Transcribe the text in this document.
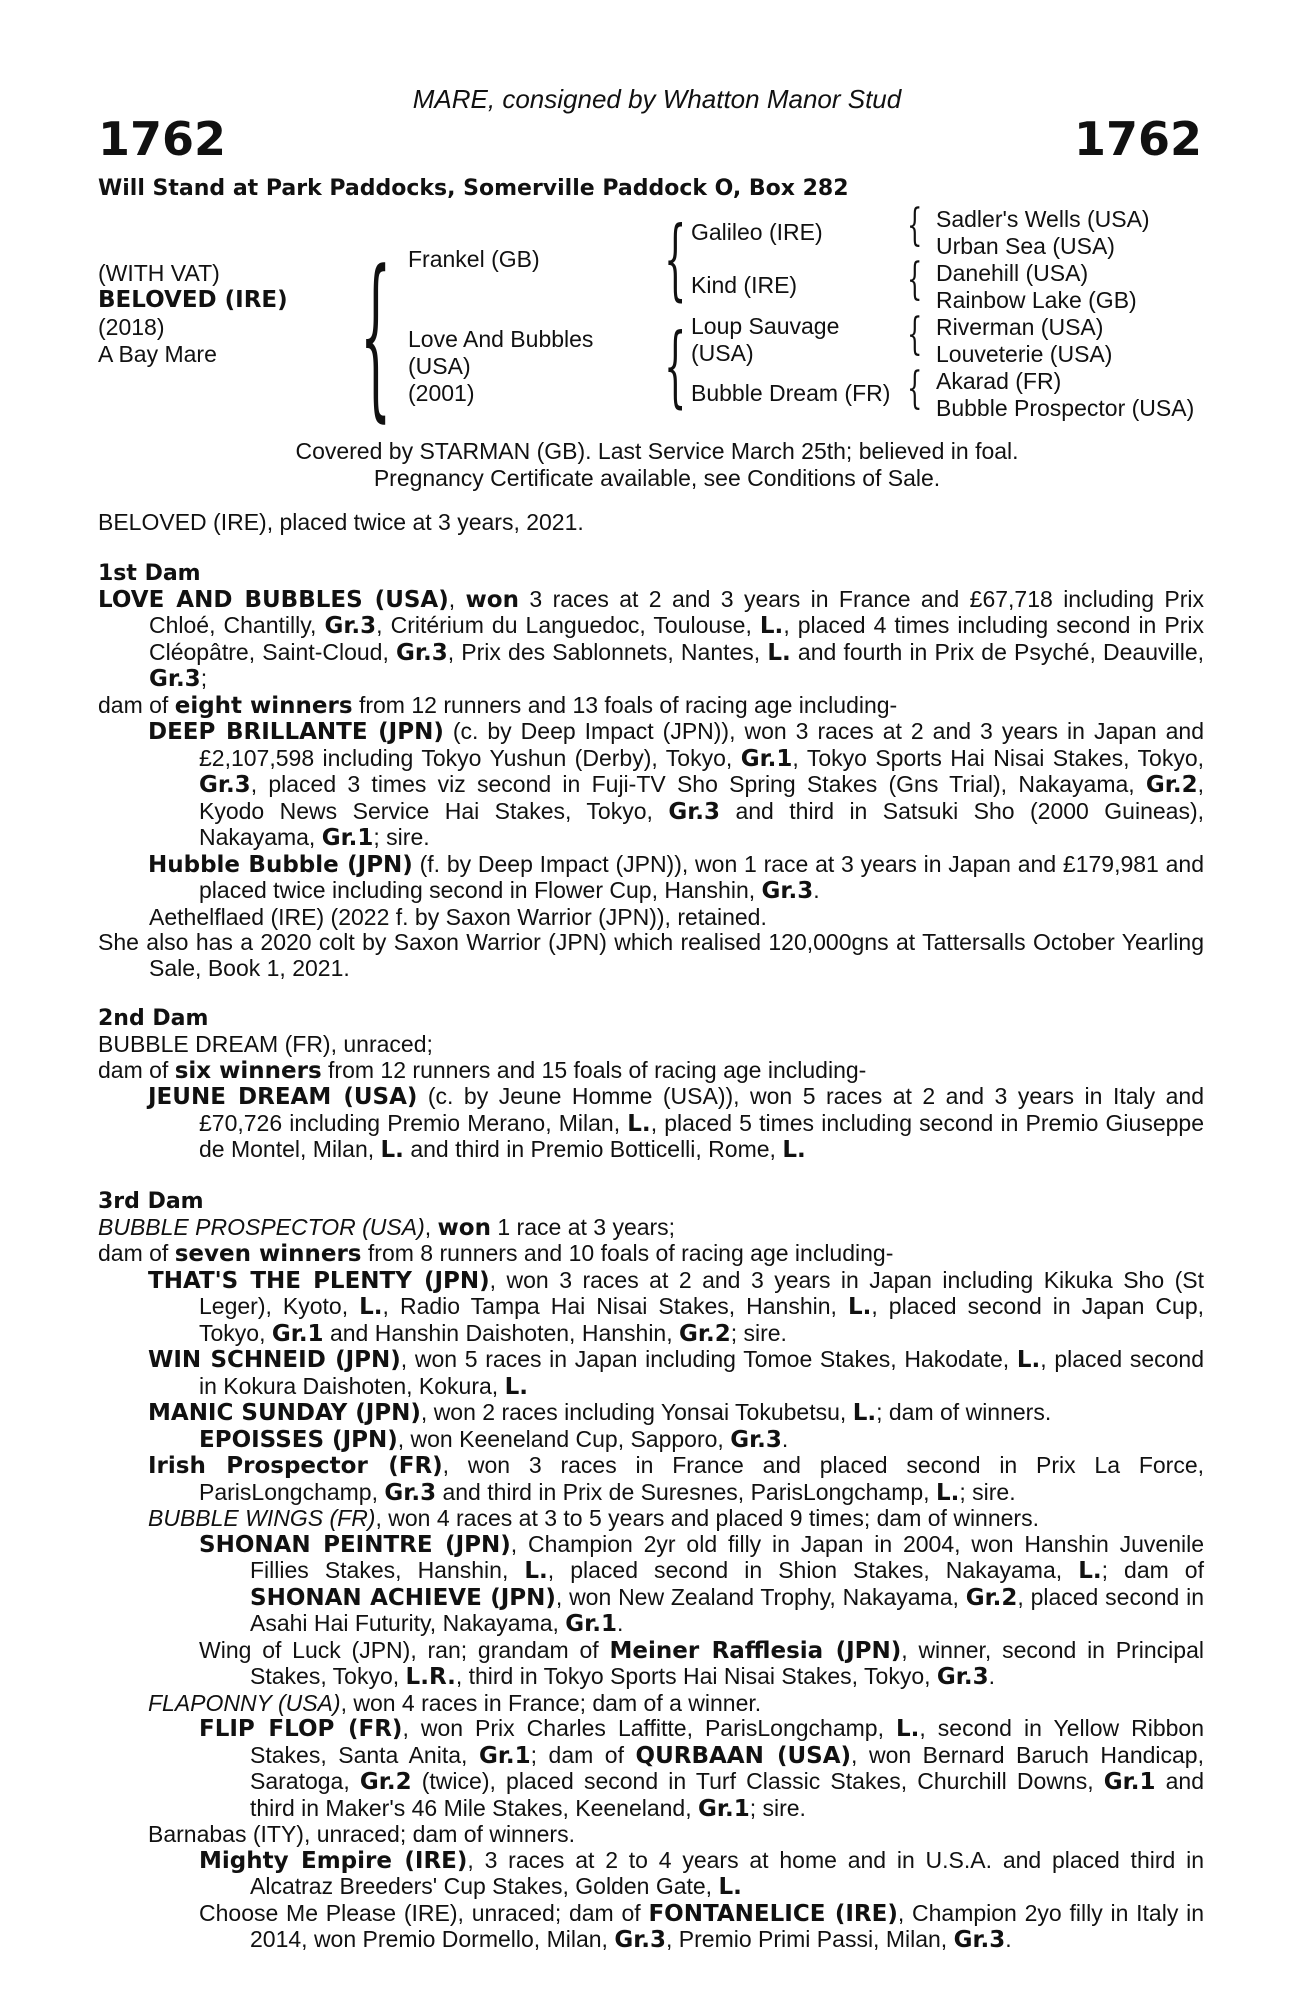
MARE, consigned by Whatton Manor Stud
1762	1762
Will Stand at Park Paddocks, Somerville Paddock O, Box 282
(WITH VAT)
BELOVED (IRE)
(2018)
A Bay Mare { Frankel (GB)
Love And Bubbles
(USA)
(2001)
{ Galileo (IRE)
Kind (IRE)
{ Loup Sauvage
(USA)
Bubble Dream (FR)
{ Sadler's Wells (USA)
Urban Sea (USA)
{ Danehill (USA)
Rainbow Lake (GB)
{ Riverman (USA)
Louveterie (USA)
{ Akarad (FR)
Bubble Prospector (USA)
Covered by STARMAN (GB). Last Service March 25th; believed in foal.
Pregnancy Certificate available, see Conditions of Sale.

BELOVED (IRE), placed twice at 3 years, 2021.

1st Dam

LOVE AND BUBBLES (USA), won 3 races at 2 and 3 years in France and £67,718 including Prix Chloé, Chantilly, Gr.3, Critérium du Languedoc, Toulouse, L., placed 4 times including second in Prix Cléopâtre, Saint-Cloud, Gr.3, Prix des Sablonnets, Nantes, L. and fourth in Prix de Psyché, Deauville, Gr.3;

dam of eight winners from 12 runners and 13 foals of racing age including-

DEEP BRILLANTE (JPN) (c. by Deep Impact (JPN)), won 3 races at 2 and 3 years in Japan and £2,107,598 including Tokyo Yushun (Derby), Tokyo, Gr.1, Tokyo Sports Hai Nisai Stakes, Tokyo, Gr.3, placed 3 times viz second in Fuji-TV Sho Spring Stakes (Gns Trial), Nakayama, Gr.2, Kyodo News Service Hai Stakes, Tokyo, Gr.3 and third in Satsuki Sho (2000 Guineas), Nakayama, Gr.1; sire.

Hubble Bubble (JPN) (f. by Deep Impact (JPN)), won 1 race at 3 years in Japan and £179,981 and placed twice including second in Flower Cup, Hanshin, Gr.3.

Aethelflaed (IRE) (2022 f. by Saxon Warrior (JPN)), retained.

She also has a 2020 colt by Saxon Warrior (JPN) which realised 120,000gns at Tattersalls October Yearling Sale, Book 1, 2021.

2nd Dam

BUBBLE DREAM (FR), unraced;

dam of six winners from 12 runners and 15 foals of racing age including-

JEUNE DREAM (USA) (c. by Jeune Homme (USA)), won 5 races at 2 and 3 years in Italy and £70,726 including Premio Merano, Milan, L., placed 5 times including second in Premio Giuseppe de Montel, Milan, L. and third in Premio Botticelli, Rome, L.

3rd Dam

BUBBLE PROSPECTOR (USA), won 1 race at 3 years;

dam of seven winners from 8 runners and 10 foals of racing age including-

THAT'S THE PLENTY (JPN), won 3 races at 2 and 3 years in Japan including Kikuka Sho (St Leger), Kyoto, L., Radio Tampa Hai Nisai Stakes, Hanshin, L., placed second in Japan Cup, Tokyo, Gr.1 and Hanshin Daishoten, Hanshin, Gr.2; sire.

WIN SCHNEID (JPN), won 5 races in Japan including Tomoe Stakes, Hakodate, L., placed second in Kokura Daishoten, Kokura, L.

MANIC SUNDAY (JPN), won 2 races including Yonsai Tokubetsu, L.; dam of winners.

EPOISSES (JPN), won Keeneland Cup, Sapporo, Gr.3.

Irish Prospector (FR), won 3 races in France and placed second in Prix La Force, ParisLongchamp, Gr.3 and third in Prix de Suresnes, ParisLongchamp, L.; sire.

BUBBLE WINGS (FR), won 4 races at 3 to 5 years and placed 9 times; dam of winners.

SHONAN PEINTRE (JPN), Champion 2yr old filly in Japan in 2004, won Hanshin Juvenile Fillies Stakes, Hanshin, L., placed second in Shion Stakes, Nakayama, L.; dam of SHONAN ACHIEVE (JPN), won New Zealand Trophy, Nakayama, Gr.2, placed second in Asahi Hai Futurity, Nakayama, Gr.1.

Wing of Luck (JPN), ran; grandam of Meiner Rafflesia (JPN), winner, second in Principal Stakes, Tokyo, L.R., third in Tokyo Sports Hai Nisai Stakes, Tokyo, Gr.3.

FLAPONNY (USA), won 4 races in France; dam of a winner.

FLIP FLOP (FR), won Prix Charles Laffitte, ParisLongchamp, L., second in Yellow Ribbon Stakes, Santa Anita, Gr.1; dam of QURBAAN (USA), won Bernard Baruch Handicap, Saratoga, Gr.2 (twice), placed second in Turf Classic Stakes, Churchill Downs, Gr.1 and third in Maker's 46 Mile Stakes, Keeneland, Gr.1; sire.

Barnabas (ITY), unraced; dam of winners.

Mighty Empire (IRE), 3 races at 2 to 4 years at home and in U.S.A. and placed third in Alcatraz Breeders' Cup Stakes, Golden Gate, L.

Choose Me Please (IRE), unraced; dam of FONTANELICE (IRE), Champion 2yo filly in Italy in 2014, won Premio Dormello, Milan, Gr.3, Premio Primi Passi, Milan, Gr.3.
